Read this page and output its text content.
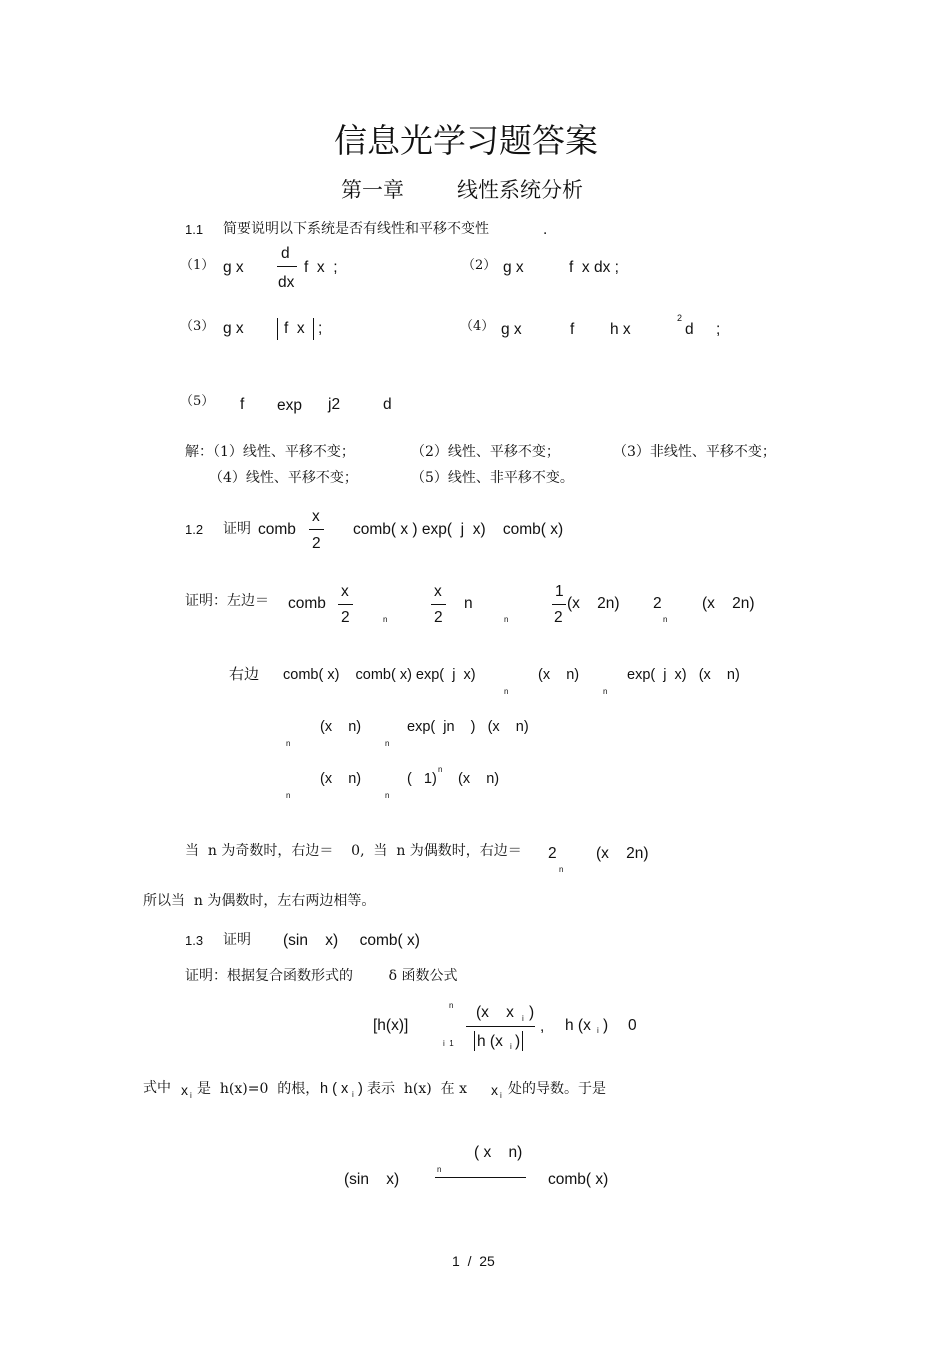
信息光学习题答案
第一章	线性系统分析
1.1 简要说明以下系统是否有线性和平移不变性	.
（1） g x
d
dx
f  x  ;	（2） g x	f  x dx ;
（3） g x	f  x ;	（4） g x	f h x
2
d ;
（5） f exp j2	d
解：（1）线性、平移不变；	（2）线性、平移不变；	（3）非线性、平移不变；
（4）线性、平移不变；	（5）线性、非平移不变。
1.2 证明 comb
x
2
comb( x ) exp(  j  x)    comb( x)
证明：左边＝ comb
x
2	n
x
2
n
n
1
2
(x    2n) 2
n
(x    2n)
右边 comb( x)    comb( x) exp(  j  x)
n
(x    n)
n
exp(  j  x)   (x    n)
(x    n)
n
exp(  jn    )   (x    n)
n
(x    n)
n
(   1)
n
(x    n)
n
当  n 为奇数时，右边＝    0,  当  n 为偶数时，右边＝ 2
n
(x    2n)
所以当  n 为偶数时，左右两边相等。
1.3 证明 (sin    x)     comb( x)
证明：根据复合函数形式的        δ 函数公式
[h(x)]
n
i  1
(x    x i )
h (x i )
, h (x i ) 0
式中 x i 是  h(x)=0  的根， h ( x i ) 表示  h(x)  在 x x i 处的导数。于是
(sin    x)
( x    n)
n
comb( x)
1  /  25
